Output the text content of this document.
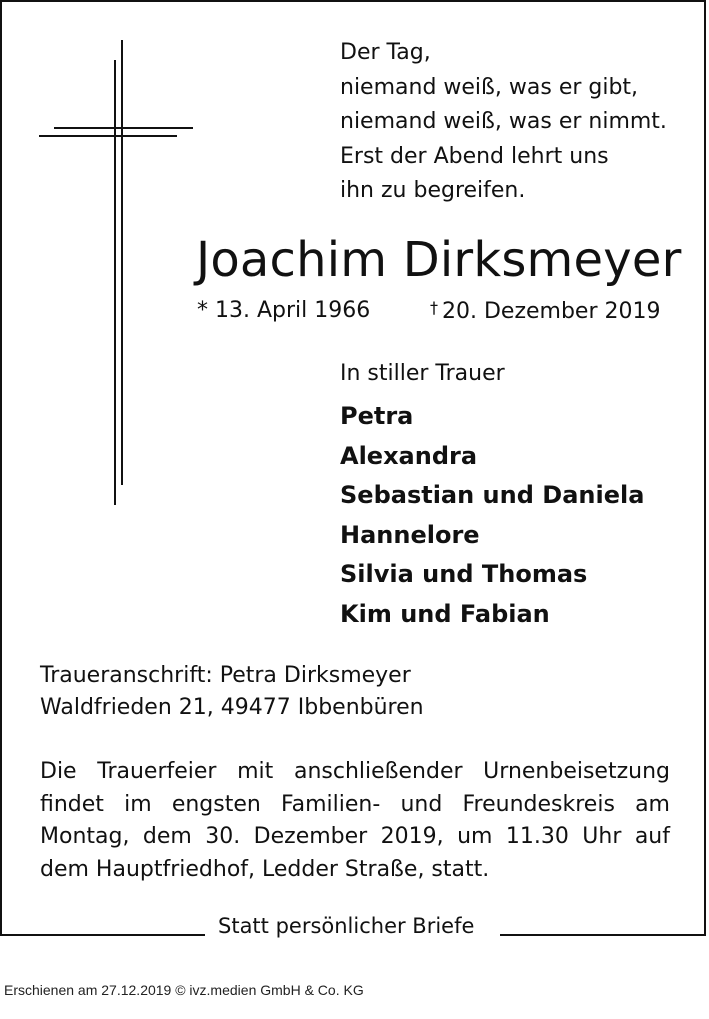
Der Tag,
niemand weiß, was er gibt,
niemand weiß, was er nimmt.
Erst der Abend lehrt uns
ihn zu begreifen.
Joachim Dirksmeyer
* 13. April 1966	† 20. Dezember 2019
In stiller Trauer
Petra
Alexandra
Sebastian und Daniela
Hannelore
Silvia und Thomas
Kim und Fabian
Traueranschrift: Petra Dirksmeyer
Waldfrieden 21, 49477 Ibbenbüren
Die Trauerfeier mit anschließender Urnenbeisetzung
findet im engsten Familien- und Freundeskreis am
Montag, dem 30. Dezember 2019, um 11.30 Uhr auf
dem Hauptfriedhof, Ledder Straße, statt.
Statt persönlicher Briefe
Erschienen am 27.12.2019 © ivz.medien GmbH & Co. KG
